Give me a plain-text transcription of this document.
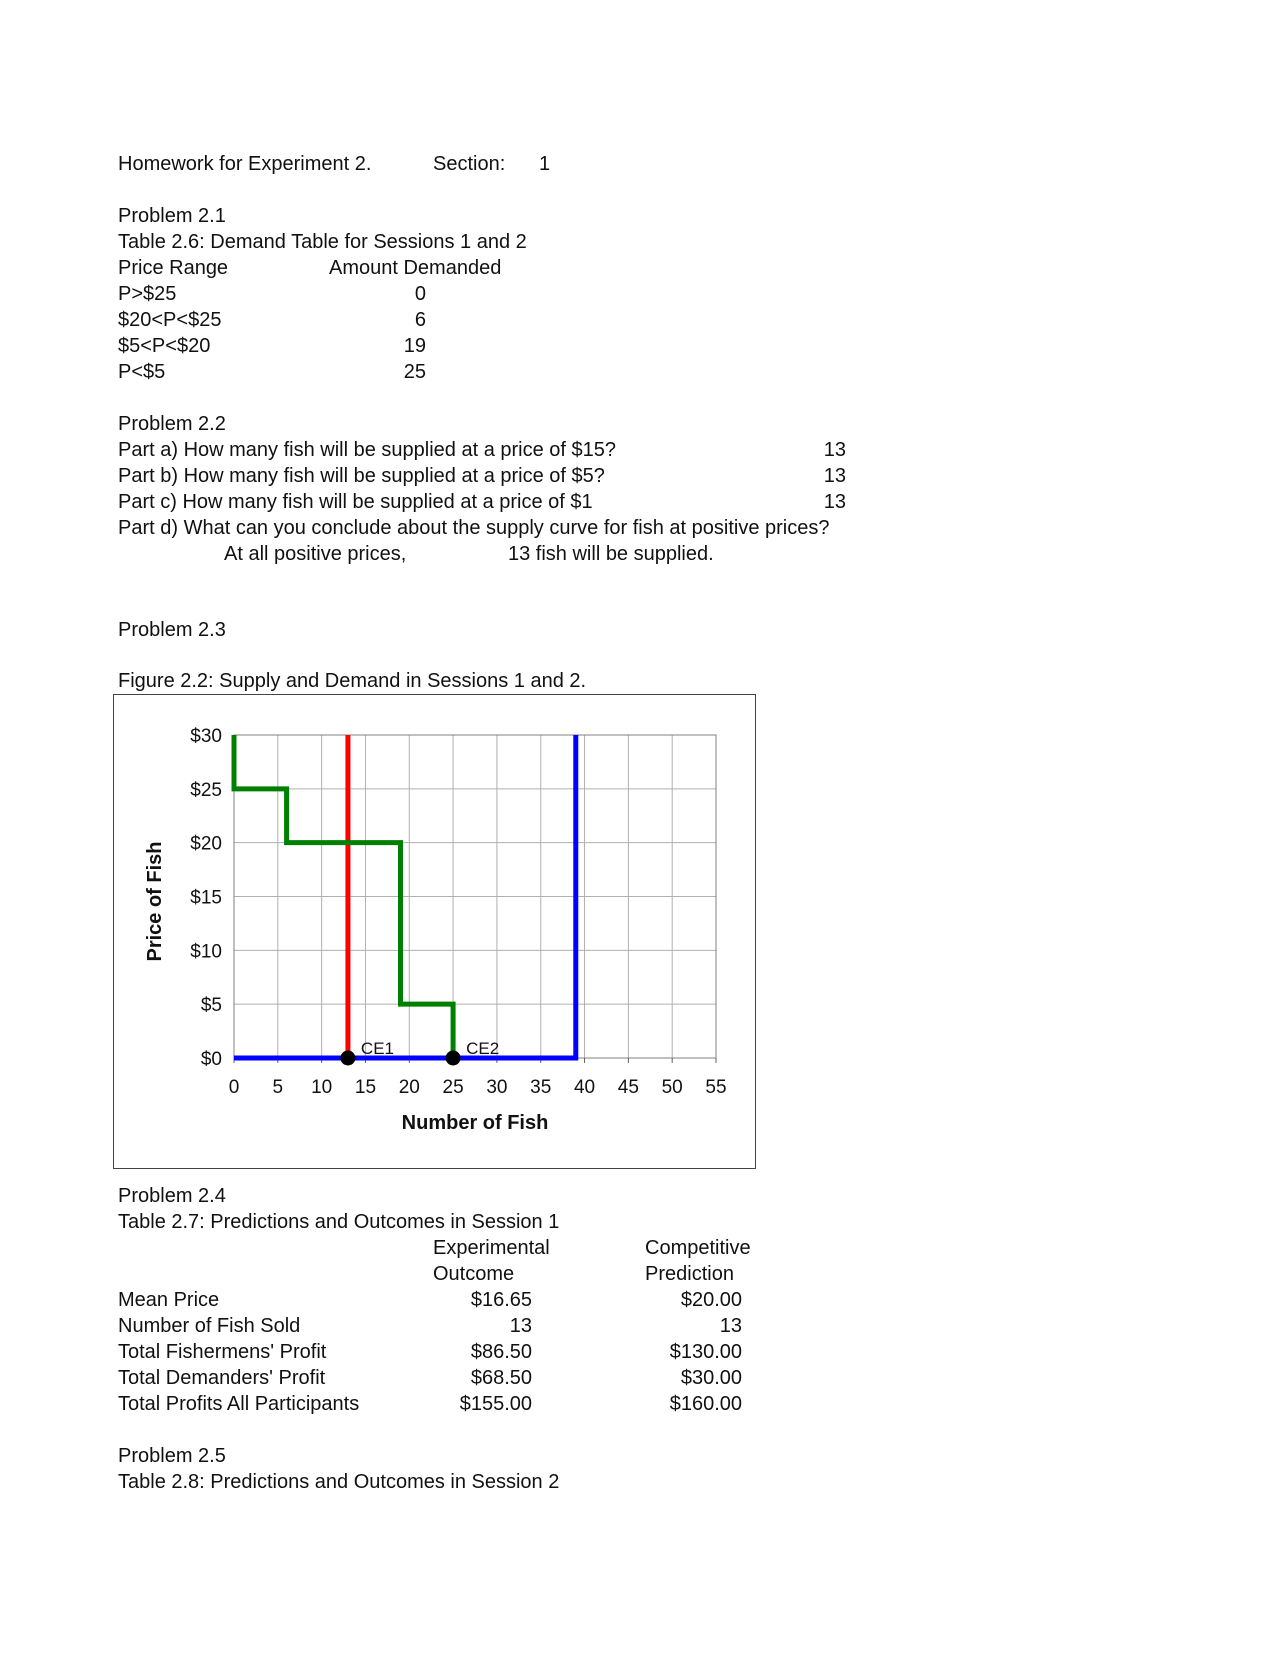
Homework for Experiment 2.	Section: 1
Problem 2.1
Table 2.6: Demand Table for Sessions 1 and 2
Price Range	Amount Demanded
P>$25	0
$20<P<$25	6
$5<P<$20	19
P<$5	25
Problem 2.2
Part a) How many fish will be supplied at a price of $15?	13
Part b) How many fish will be supplied at a price of $5?	13
Part c) How many fish will be supplied at a price of $1	13
Part d) What can you conclude about the supply curve for fish at positive prices?
At all positive prices,	13 fish will be supplied.
Problem 2.3
Figure 2.2: Supply and Demand in Sessions 1 and 2.
CE1	CE2
0 5 10 15 20 25 30 35 40 45 50 55
$0
$5
$10
$15
$20
$25
$30
Number of Fish
Price of Fish
Problem 2.4
Table 2.7: Predictions and Outcomes in Session 1
Experimental
Outcome
Competitive
Prediction
Mean Price	$16.65	$20.00
Number of Fish Sold	13	13
Total Fishermens' Profit	$86.50	$130.00
Total Demanders' Profit	$68.50	$30.00
Total Profits All Participants	$155.00	$160.00
Problem 2.5
Table 2.8: Predictions and Outcomes in Session 2
